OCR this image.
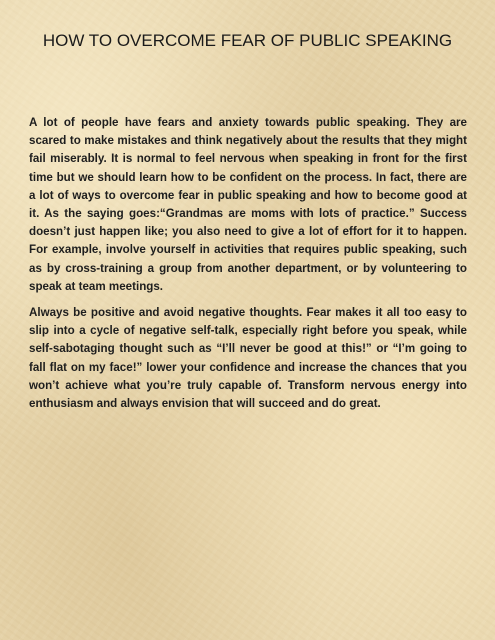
HOW TO OVERCOME FEAR OF PUBLIC SPEAKING

A lot of people have fears and anxiety towards public speaking. They are scared to make mistakes and think negatively about the results that they might fail miserably. It is normal to feel nervous when speaking in front for the first time but we should learn how to be confident on the process. In fact, there are a lot of ways to overcome fear in public speaking and how to become good at it. As the saying goes:“Grandmas are moms with lots of practice.” Success doesn’t just happen like; you also need to give a lot of effort for it to happen. For example, involve yourself in activities that requires public speaking, such as by cross-training a group from another department, or by volunteering to speak at team meetings.

Always be positive and avoid negative thoughts. Fear makes it all too easy to slip into a cycle of negative self-talk, especially right before you speak, while self-sabotaging thought such as “I’ll never be good at this!” or “I’m going to fall flat on my face!” lower your confidence and increase the chances that you won’t achieve what you’re truly capable of. Transform nervous energy into enthusiasm and always envision that will succeed and do great.
